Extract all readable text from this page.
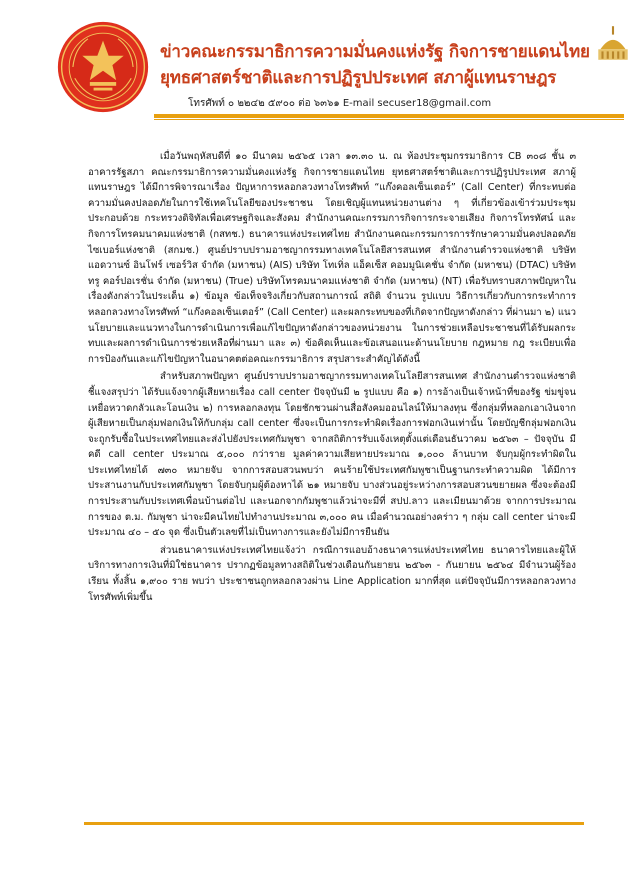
ข่าวคณะกรรมาธิการความมั่นคงแห่งรัฐ กิจการชายแดนไทย
ยุทธศาสตร์ชาติและการปฏิรูปประเทศ สภาผู้แทนราษฎร
โทรศัพท์ ๐ ๒๒๔๒ ๕๙๐๐ ต่อ ๖๓๖๑ E-mail secuser18@gmail.com

เมื่อวันพฤหัสบดีที่ ๑๐ มีนาคม ๒๕๖๕ เวลา ๑๓.๓๐ น. ณ ห้องประชุมกรรมาธิการ CB ๓๐๘ ชั้น ๓ อาคารรัฐสภา คณะกรรมาธิการความมั่นคงแห่งรัฐ กิจการชายแดนไทย ยุทธศาสตร์ชาติและการปฏิรูปประเทศ สภาผู้แทนราษฎร ได้มีการพิจารณาเรื่อง ปัญหาการหลอกลวงทางโทรศัพท์ “แก๊งคอลเซ็นเตอร์” (Call Center) ที่กระทบต่อความมั่นคงปลอดภัยในการใช้เทคโนโลยีของประชาชน โดยเชิญผู้แทนหน่วยงานต่าง ๆ ที่เกี่ยวข้องเข้าร่วมประชุม ประกอบด้วย กระทรวงดิจิทัลเพื่อเศรษฐกิจและสังคม สำนักงานคณะกรรมการกิจการกระจายเสียง กิจการโทรทัศน์ และกิจการโทรคมนาคมแห่งชาติ (กสทช.) ธนาคารแห่งประเทศไทย สำนักงานคณะกรรมการการรักษาความมั่นคงปลอดภัยไซเบอร์แห่งชาติ (สกมช.) ศูนย์ปราบปรามอาชญากรรมทางเทคโนโลยีสารสนเทศ สำนักงานตำรวจแห่งชาติ บริษัท แอดวานซ์ อินโฟร์ เซอร์วิส จำกัด (มหาชน) (AIS) บริษัท โทเทิ่ล แอ็คเซ็ส คอมมูนิเคชั่น จำกัด (มหาชน) (DTAC) บริษัท ทรู คอร์ปอเรชั่น จำกัด (มหาชน) (True) บริษัทโทรคมนาคมแห่งชาติ จำกัด (มหาชน) (NT) เพื่อรับทราบสภาพปัญหาในเรื่องดังกล่าวในประเด็น ๑) ข้อมูล ข้อเท็จจริงเกี่ยวกับสถานการณ์ สถิติ จำนวน รูปแบบ วิธีการเกี่ยวกับการกระทำการหลอกลวงทางโทรศัพท์ “แก๊งคอลเซ็นเตอร์” (Call Center) และผลกระทบของที่เกิดจากปัญหาดังกล่าว ที่ผ่านมา ๒) แนวนโยบายและแนวทางในการดำเนินการเพื่อแก้ไขปัญหาดังกล่าวของหน่วยงาน ในการช่วยเหลือประชาชนที่ได้รับผลกระทบและผลการดำเนินการช่วยเหลือที่ผ่านมา และ ๓) ข้อคิดเห็นและข้อเสนอแนะด้านนโยบาย กฎหมาย กฎ ระเบียบเพื่อการป้องกันและแก้ไขปัญหาในอนาคตต่อคณะกรรมาธิการ สรุปสาระสำคัญได้ดังนี้

สำหรับสภาพปัญหา ศูนย์ปราบปรามอาชญากรรมทางเทคโนโลยีสารสนเทศ สำนักงานตำรวจแห่งชาติ ชี้แจงสรุปว่า ได้รับแจ้งจากผู้เสียหายเรื่อง call center ปัจจุบันมี ๒ รูปแบบ คือ ๑) การอ้างเป็นเจ้าหน้าที่ของรัฐ ข่มขู่จนเหยื่อหวาดกลัวและโอนเงิน ๒) การหลอกลงทุน โดยชักชวนผ่านสื่อสังคมออนไลน์ให้มาลงทุน ซึ่งกลุ่มที่หลอกเอาเงินจากผู้เสียหายเป็นกลุ่มฟอกเงินให้กับกลุ่ม call center ซึ่งจะเป็นการกระทำผิดเรื่องการฟอกเงินเท่านั้น โดยบัญชีกลุ่มฟอกเงินจะถูกรับซื้อในประเทศไทยและส่งไปยังประเทศกัมพูชา จากสถิติการรับแจ้งเหตุตั้งแต่เดือนธันวาคม ๒๕๖๓ – ปัจจุบัน มีคดี call center ประมาณ ๕,๐๐๐ กว่าราย มูลค่าความเสียหายประมาณ ๑,๐๐๐ ล้านบาท จับกุมผู้กระทำผิดในประเทศไทยได้ ๗๓๐ หมายจับ จากการสอบสวนพบว่า คนร้ายใช้ประเทศกัมพูชาเป็นฐานกระทำความผิด ได้มีการประสานงานกับประเทศกัมพูชา โดยจับกุมผู้ต้องหาได้ ๒๑ หมายจับ บางส่วนอยู่ระหว่างการสอบสวนขยายผล ซึ่งจะต้องมีการประสานกับประเทศเพื่อนบ้านต่อไป และนอกจากกัมพูชาแล้วน่าจะมีที่ สปป.ลาว และเมียนมาด้วย จากการประมาณการของ ต.ม. กัมพูชา น่าจะมีคนไทยไปทำงานประมาณ ๓,๐๐๐ คน เมื่อคำนวณอย่างคร่าว ๆ กลุ่ม call center น่าจะมีประมาณ ๔๐ – ๕๐ จุด ซึ่งเป็นตัวเลขที่ไม่เป็นทางการและยังไม่มีการยืนยัน

ส่วนธนาคารแห่งประเทศไทยแจ้งว่า กรณีการแอบอ้างธนาคารแห่งประเทศไทย ธนาคารไทยและผู้ให้บริการทางการเงินที่มิใช่ธนาคาร ปรากฏข้อมูลทางสถิติในช่วงเดือนกันยายน ๒๕๖๓ - กันยายน ๒๕๖๔ มีจำนวนผู้ร้องเรียน ทั้งสิ้น ๑,๙๐๐ ราย พบว่า ประชาชนถูกหลอกลวงผ่าน Line Application มากที่สุด แต่ปัจจุบันมีการหลอกลวงทางโทรศัพท์เพิ่มขึ้น
